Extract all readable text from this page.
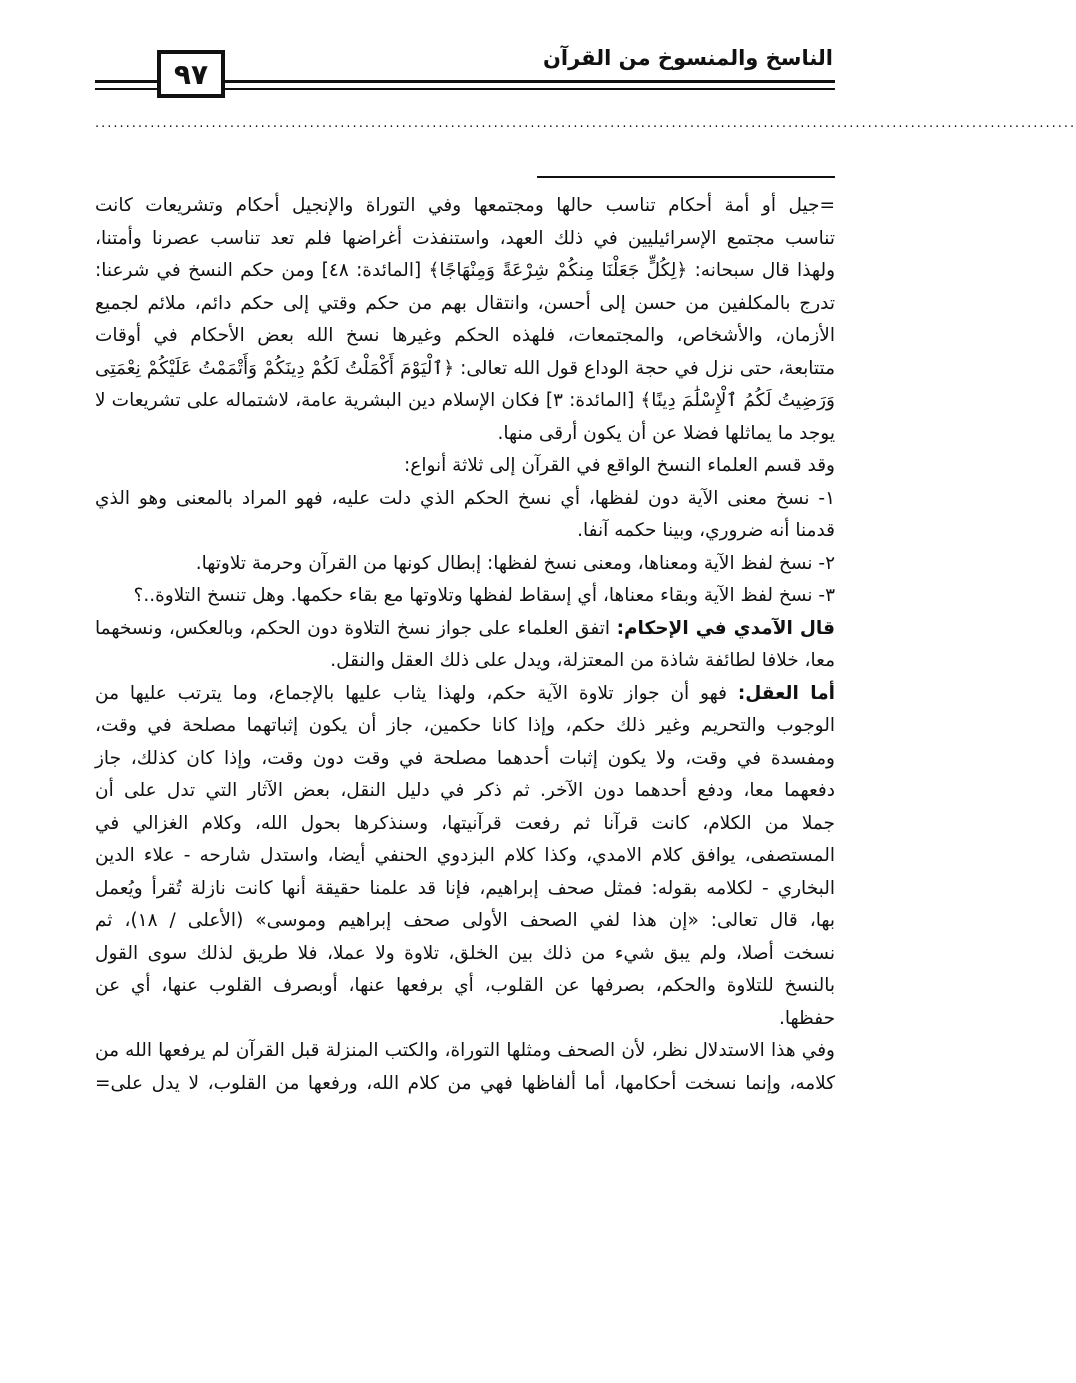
الناسخ والمنسوخ من القرآن
٩٧
................................................................................................................................................................
=جيل أو أمة أحكام تناسب حالها ومجتمعها وفي التوراة والإنجيل أحكام وتشريعات كانت
تناسب مجتمع الإسرائيليين في ذلك العهد، واستنفذت أغراضها فلم تعد تناسب عصرنا وأمتنا،
ولهذا قال سبحانه: ﴿لِكُلٍّ جَعَلْنَا مِنكُمْ شِرْعَةً وَمِنْهَاجًا﴾ [المائدة: ٤٨] ومن حكم النسخ في شرعنا:
تدرج بالمكلفين من حسن إلى أحسن، وانتقال بهم من حكم وقتي إلى حكم دائم، ملائم لجميع
الأزمان، والأشخاص، والمجتمعات، فلهذه الحكم وغيرها نسخ الله بعض الأحكام في أوقات
متتابعة، حتى نزل في حجة الوداع قول الله تعالى: ﴿ٱلْيَوْمَ أَكْمَلْتُ لَكُمْ دِينَكُمْ وَأَتْمَمْتُ عَلَيْكُمْ نِعْمَتِى
وَرَضِيتُ لَكُمُ ٱلْإِسْلَٰمَ دِينًا﴾ [المائدة: ٣] فكان الإسلام دين البشرية عامة، لاشتماله على تشريعات لا
يوجد ما يماثلها فضلا عن أن يكون أرقى منها.
وقد قسم العلماء النسخ الواقع في القرآن إلى ثلاثة أنواع:
١- نسخ معنى الآية دون لفظها، أي نسخ الحكم الذي دلت عليه، فهو المراد بالمعنى وهو الذي
قدمنا أنه ضروري، وبينا حكمه آنفا.
٢- نسخ لفظ الآية ومعناها، ومعنى نسخ لفظها: إبطال كونها من القرآن وحرمة تلاوتها.
٣- نسخ لفظ الآية وبقاء معناها، أي إسقاط لفظها وتلاوتها مع بقاء حكمها. وهل تنسخ التلاوة..؟
قال الآمدي في الإحكام: اتفق العلماء على جواز نسخ التلاوة دون الحكم، وبالعكس، ونسخهما
معا، خلافا لطائفة شاذة من المعتزلة، ويدل على ذلك العقل والنقل.
أما العقل: فهو أن جواز تلاوة الآية حكم، ولهذا يثاب عليها بالإجماع، وما يترتب عليها من
الوجوب والتحريم وغير ذلك حكم، وإذا كانا حكمين، جاز أن يكون إثباتهما مصلحة في وقت،
ومفسدة في وقت، ولا يكون إثبات أحدهما مصلحة في وقت دون وقت، وإذا كان كذلك، جاز
دفعهما معا، ودفع أحدهما دون الآخر. ثم ذكر في دليل النقل، بعض الآثار التي تدل على أن
جملا من الكلام، كانت قرآنا ثم رفعت قرآنيتها، وسنذكرها بحول الله، وكلام الغزالي في
المستصفى، يوافق كلام الامدي، وكذا كلام البزدوي الحنفي أيضا، واستدل شارحه - علاء الدين
البخاري - لكلامه بقوله: فمثل صحف إبراهيم، فإنا قد علمنا حقيقة أنها كانت نازلة تُقرأ ويُعمل
بها، قال تعالى: «إن هذا لفي الصحف الأولى صحف إبراهيم وموسى» (الأعلى / ١٨)، ثم
نسخت أصلا، ولم يبق شيء من ذلك بين الخلق، تلاوة ولا عملا، فلا طريق لذلك سوى القول
بالنسخ للتلاوة والحكم، بصرفها عن القلوب، أي برفعها عنها، أوبصرف القلوب عنها، أي عن
حفظها.
وفي هذا الاستدلال نظر، لأن الصحف ومثلها التوراة، والكتب المنزلة قبل القرآن لم يرفعها الله من
كلامه، وإنما نسخت أحكامها، أما ألفاظها فهي من كلام الله، ورفعها من القلوب، لا يدل على=
